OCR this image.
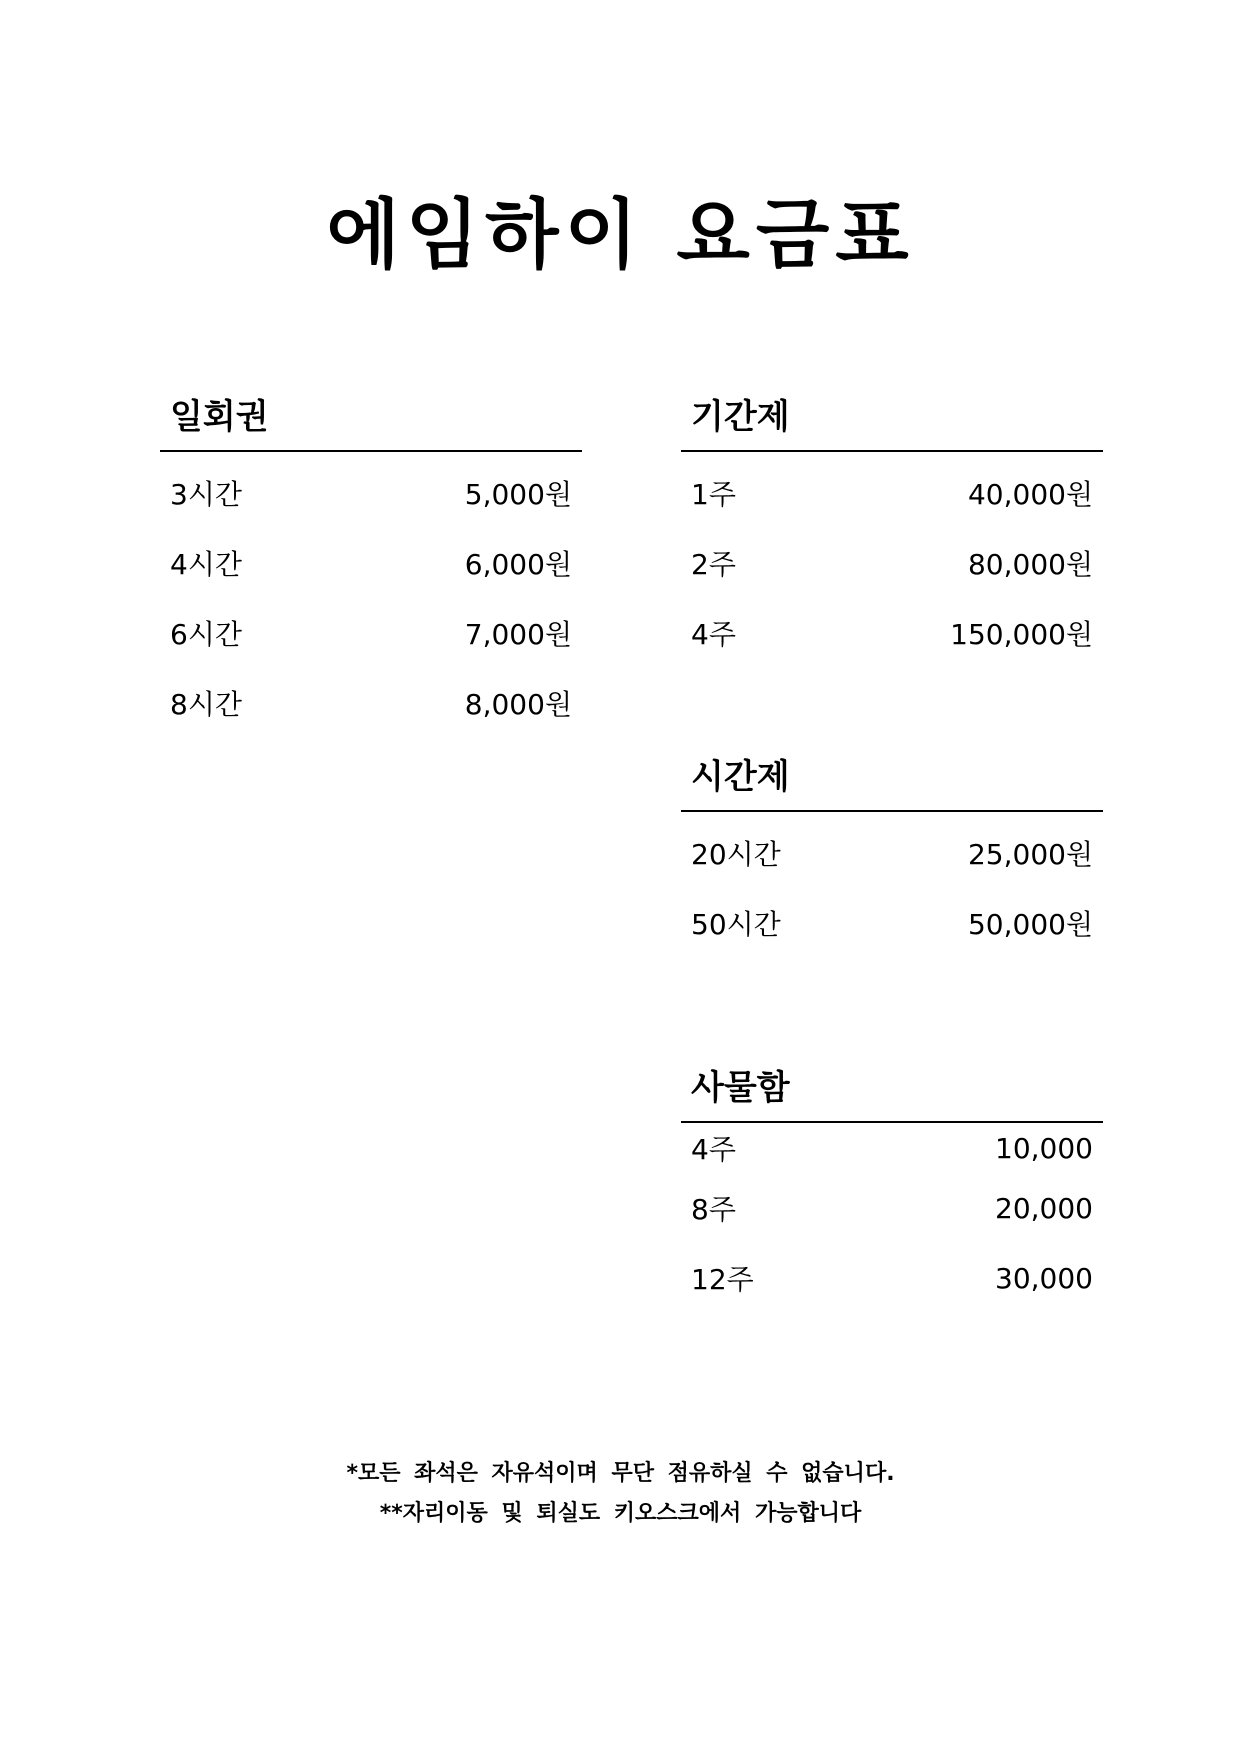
에임하이 요금표
일회권
3시간	5,000원
4시간	6,000원
6시간	7,000원
8시간	8,000원
기간제
1주	40,000원
2주	80,000원
4주	150,000원
시간제
20시간	25,000원
50시간	50,000원
사물함
4주	10,000
8주	20,000
12주	30,000
*모든 좌석은 자유석이며 무단 점유하실 수 없습니다.
**자리이동 및 퇴실도 키오스크에서 가능합니다
